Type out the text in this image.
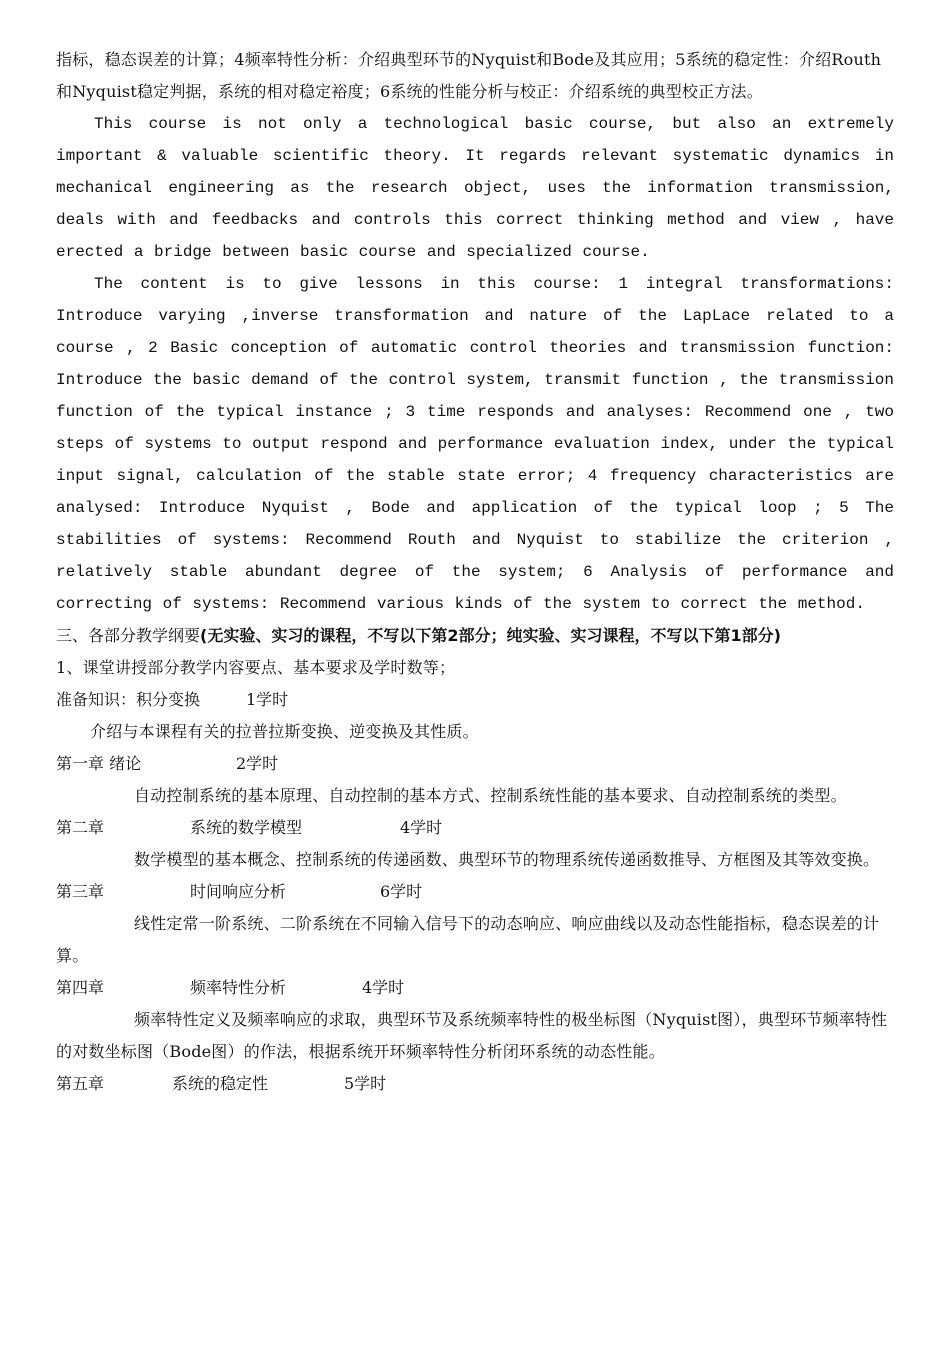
指标，稳态误差的计算；4频率特性分析：介绍典型环节的Nyquist和Bode及其应用；5系统的稳定性：介绍Routh和Nyquist稳定判据，系统的相对稳定裕度；6系统的性能分析与校正：介绍系统的典型校正方法。

This course is not only a technological basic course, but also an extremely important & valuable scientific theory. It regards relevant systematic dynamics in mechanical engineering as the research object, uses the information transmission, deals with and feedbacks and controls this correct thinking method and view , have erected a bridge between basic course and specialized course.

The content is to give lessons in this course: 1 integral transformations: Introduce varying ,inverse transformation and nature of the LapLace related to a course , 2 Basic conception of automatic control theories and transmission function: Introduce the basic demand of the control system, transmit function , the transmission function of the typical instance ; 3 time responds and analyses: Recommend one , two steps of systems to output respond and performance evaluation index, under the typical input signal, calculation of the stable state error; 4 frequency characteristics are analysed: Introduce Nyquist , Bode and application of the typical loop ; 5 The stabilities of systems: Recommend Routh and Nyquist to stabilize the criterion , relatively stable abundant degree of the system; 6 Analysis of performance and correcting of systems: Recommend various kinds of the system to correct the method.

三、各部分教学纲要(无实验、实习的课程，不写以下第2部分；纯实验、实习课程，不写以下第1部分)

1、课堂讲授部分教学内容要点、基本要求及学时数等；

准备知识：积分变换	1学时

介绍与本课程有关的拉普拉斯变换、逆变换及其性质。

第一章 绪论	2学时

自动控制系统的基本原理、自动控制的基本方式、控制系统性能的基本要求、自动控制系统的类型。

第二章	系统的数学模型	4学时

数学模型的基本概念、控制系统的传递函数、典型环节的物理系统传递函数推导、方框图及其等效变换。

第三章	时间响应分析	6学时

线性定常一阶系统、二阶系统在不同输入信号下的动态响应、响应曲线以及动态性能指标，稳态误差的计算。

第四章	频率特性分析	4学时

频率特性定义及频率响应的求取，典型环节及系统频率特性的极坐标图（Nyquist图），典型环节频率特性的对数坐标图（Bode图）的作法，根据系统开环频率特性分析闭环系统的动态性能。

第五章	系统的稳定性	5学时
